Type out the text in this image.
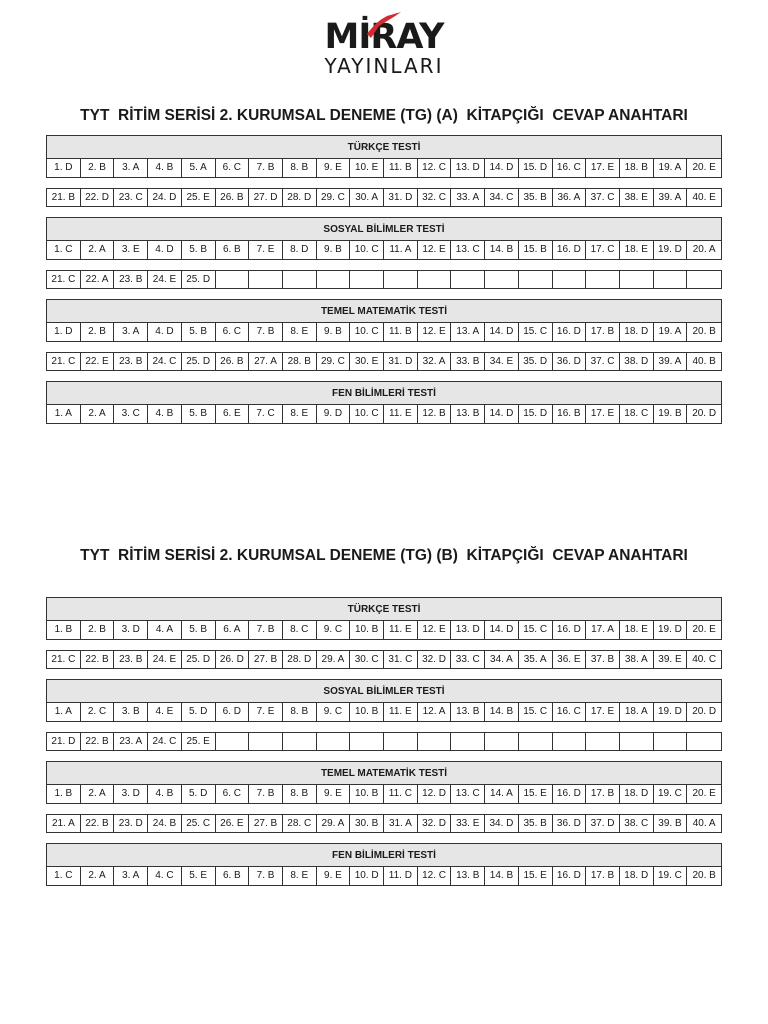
MİRAY
YAYINLARI
TYT  RİTİM SERİSİ 2. KURUMSAL DENEME (TG) (A)  KİTAPÇIĞI  CEVAP ANAHTARI
TÜRKÇE TESTİ
1. D	2. B	3. A	4. B	5. A	6. C	7. B	8. B	9. E	10. E	11. B	12. C 13. D 14. D 15. D 16. C	17. E	18. B	19. A	20. E
21. B	22. D 23. C 24. D	25. E	26. B	27. D 28. D 29. C	30. A	31. D 32. C	33. A	34. C	35. B	36. A	37. C	38. E	39. A	40. E
SOSYAL BİLİMLER TESTİ
1. C	2. A	3. E	4. D	5. B	6. B	7. E	8. D	9. B	10. C	11. A	12. E	13. C	14. B	15. B	16. D 17. C	18. E	19. D	20. A
21. C	22. A	23. B	24. E	25. D
TEMEL MATEMATİK TESTİ
1. D	2. B	3. A	4. D	5. B	6. C	7. B	8. E	9. B	10. C	11. B	12. E	13. A	14. D 15. C 16. D	17. B	18. D	19. A	20. B
21. C	22. E	23. B	24. C 25. D	26. B	27. A	28. B	29. C	30. E	31. D	32. A	33. B	34. E	35. D 36. D 37. C 38. D	39. A	40. B
FEN BİLİMLERİ TESTİ
1. A	2. A	3. C	4. B	5. B	6. E	7. C	8. E	9. D	10. C	11. E	12. B	13. B	14. D 15. D	16. B	17. E	18. C	19. B	20. D
TYT  RİTİM SERİSİ 2. KURUMSAL DENEME (TG) (B)  KİTAPÇIĞI  CEVAP ANAHTARI
TÜRKÇE TESTİ
1. B	2. B	3. D	4. A	5. B	6. A	7. B	8. C	9. C	10. B	11. E	12. E	13. D 14. D 15. C 16. D	17. A	18. E	19. D	20. E
21. C	22. B	23. B	24. E	25. D 26. D	27. B	28. D	29. A	30. C 31. C 32. D 33. C	34. A	35. A	36. E	37. B	38. A	39. E	40. C
SOSYAL BİLİMLER TESTİ
1. A	2. C	3. B	4. E	5. D	6. D	7. E	8. B	9. C	10. B	11. E	12. A	13. B	14. B	15. C 16. C	17. E	18. A	19. D	20. D
21. D	22. B	23. A	24. C	25. E
TEMEL MATEMATİK TESTİ
1. B	2. A	3. D	4. B	5. D	6. C	7. B	8. B	9. E	10. B	11. C	12. D 13. C	14. A	15. E	16. D	17. B	18. D 19. C	20. E
21. A	22. B	23. D	24. B	25. C	26. E	27. B	28. C	29. A	30. B	31. A	32. D	33. E	34. D	35. B	36. D 37. D 38. C	39. B	40. A
FEN BİLİMLERİ TESTİ
1. C	2. A	3. A	4. C	5. E	6. B	7. B	8. E	9. E	10. D	11. D	12. C	13. B	14. B	15. E	16. D	17. B	18. D 19. C	20. B
